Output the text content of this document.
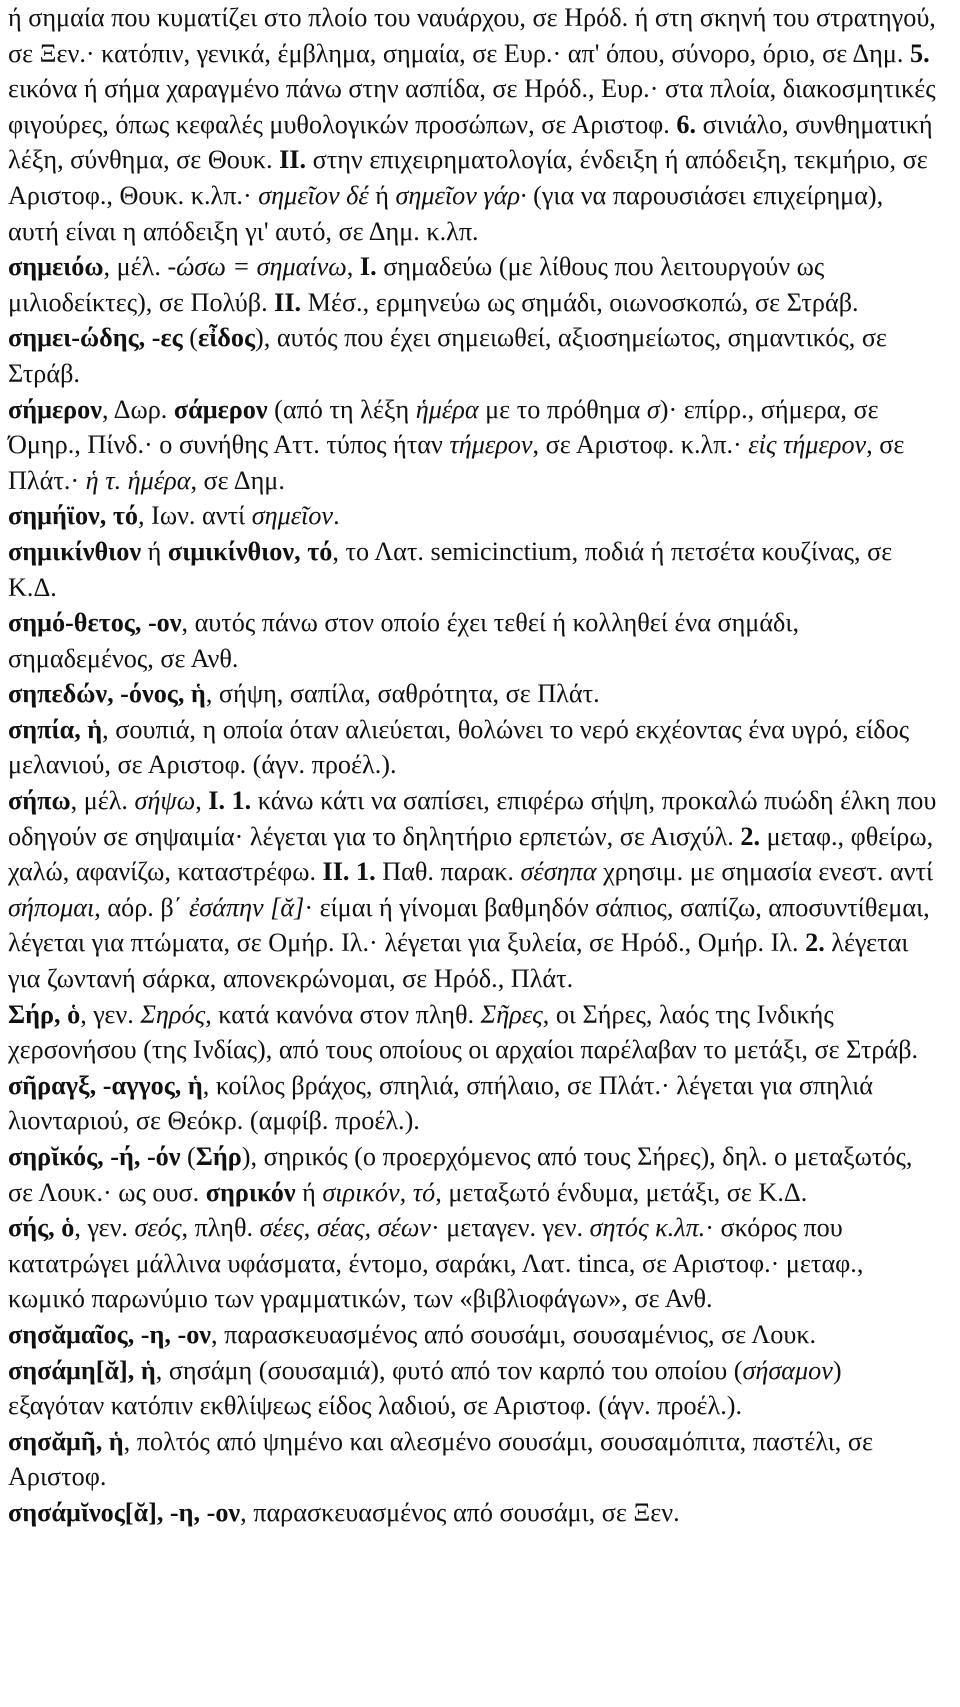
ή σημαία που κυματίζει στο πλοίο του ναυάρχου, σε Ηρόδ. ή στη σκηνή του στρατηγού, σε Ξεν.· κατόπιν, γενικά, έμβλημα, σημαία, σε Ευρ.· απ' όπου, σύνορο, όριο, σε Δημ. 5. εικόνα ή σήμα χαραγμένο πάνω στην ασπίδα, σε Ηρόδ., Ευρ.· στα πλοία, διακοσμητικές φιγούρες, όπως κεφαλές μυθολογικών προσώπων, σε Αριστοφ. 6. σινιάλο, συνθηματική λέξη, σύνθημα, σε Θουκ. II. στην επιχειρηματολογία, ένδειξη ή απόδειξη, τεκμήριο, σε Αριστοφ., Θουκ. κ.λπ.· σημεῖον δέ ή σημεῖον γάρ· (για να παρουσιάσει επιχείρημα), αυτή είναι η απόδειξη γι' αυτό, σε Δημ. κ.λπ.

σημειόω, μέλ. -ώσω = σημαίνω, I. σημαδεύω (με λίθους που λειτουργούν ως μιλιοδείκτες), σε Πολύβ. II. Μέσ., ερμηνεύω ως σημάδι, οιωνοσκοπώ, σε Στράβ.

σημει-ώδης, -ες (εἶδος), αυτός που έχει σημειωθεί, αξιοσημείωτος, σημαντικός, σε Στράβ.

σήμερον, Δωρ. σάμερον (από τη λέξη ἡμέρα με το πρόθημα σ)· επίρρ., σήμερα, σε Όμηρ., Πίνδ.· ο συνήθης Αττ. τύπος ήταν τήμερον, σε Αριστοφ. κ.λπ.· εἰς τήμερον, σε Πλάτ.· ἡ τ. ἡμέρα, σε Δημ.

σημήϊον, τό, Ιων. αντί σημεῖον.

σημικίνθιον ή σιμικίνθιον, τό, το Λατ. semicinctium, ποδιά ή πετσέτα κουζίνας, σε Κ.Δ.

σημό-θετος, -ον, αυτός πάνω στον οποίο έχει τεθεί ή κολληθεί ένα σημάδι, σημαδεμένος, σε Ανθ.

σηπεδών, -όνος, ἡ, σήψη, σαπίλα, σαθρότητα, σε Πλάτ.

σηπία, ἡ, σουπιά, η οποία όταν αλιεύεται, θολώνει το νερό εκχέοντας ένα υγρό, είδος μελανιού, σε Αριστοφ. (άγν. προέλ.).

σήπω, μέλ. σήψω, I. 1. κάνω κάτι να σαπίσει, επιφέρω σήψη, προκαλώ πυώδη έλκη που οδηγούν σε σηψαιμία· λέγεται για το δηλητήριο ερπετών, σε Αισχύλ. 2. μεταφ., φθείρω, χαλώ, αφανίζω, καταστρέφω. II. 1. Παθ. παρακ. σέσηπα χρησιμ. με σημασία ενεστ. αντί σήπομαι, αόρ. β΄ ἐσάπην [ᾰ]· είμαι ή γίνομαι βαθμηδόν σάπιος, σαπίζω, αποσυντίθεμαι, λέγεται για πτώματα, σε Ομήρ. Ιλ.· λέγεται για ξυλεία, σε Ηρόδ., Ομήρ. Ιλ. 2. λέγεται για ζωντανή σάρκα, απονεκρώνομαι, σε Ηρόδ., Πλάτ.

Σήρ, ὁ, γεν. Σηρός, κατά κανόνα στον πληθ. Σῆρες, οι Σήρες, λαός της Ινδικής χερσονήσου (της Ινδίας), από τους οποίους οι αρχαίοι παρέλαβαν το μετάξι, σε Στράβ.

σῆραγξ, -αγγος, ἡ, κοίλος βράχος, σπηλιά, σπήλαιο, σε Πλάτ.· λέγεται για σπηλιά λιονταριού, σε Θεόκρ. (αμφίβ. προέλ.).

σηρῐκός, -ή, -όν (Σήρ), σηρικός (ο προερχόμενος από τους Σήρες), δηλ. ο μεταξωτός, σε Λουκ.· ως ουσ. σηρικόν ή σιρικόν, τό, μεταξωτό ένδυμα, μετάξι, σε Κ.Δ.

σής, ὁ, γεν. σεός, πληθ. σέες, σέας, σέων· μεταγεν. γεν. σητός κ.λπ.· σκόρος που κατατρώγει μάλλινα υφάσματα, έντομο, σαράκι, Λατ. tinca, σε Αριστοφ.· μεταφ., κωμικό παρωνύμιο των γραμματικών, των «βιβλιοφάγων», σε Ανθ.

σησᾰμαῖος, -η, -ον, παρασκευασμένος από σουσάμι, σουσαμένιος, σε Λουκ.

σησάμη[ᾰ], ἡ, σησάμη (σουσαμιά), φυτό από τον καρπό του οποίου (σήσαμον) εξαγόταν κατόπιν εκθλίψεως είδος λαδιού, σε Αριστοφ. (άγν. προέλ.).

σησᾰμῆ, ἡ, πολτός από ψημένο και αλεσμένο σουσάμι, σουσαμόπιτα, παστέλι, σε Αριστοφ.

σησάμῐνος[ᾰ], -η, -ον, παρασκευασμένος από σουσάμι, σε Ξεν.
